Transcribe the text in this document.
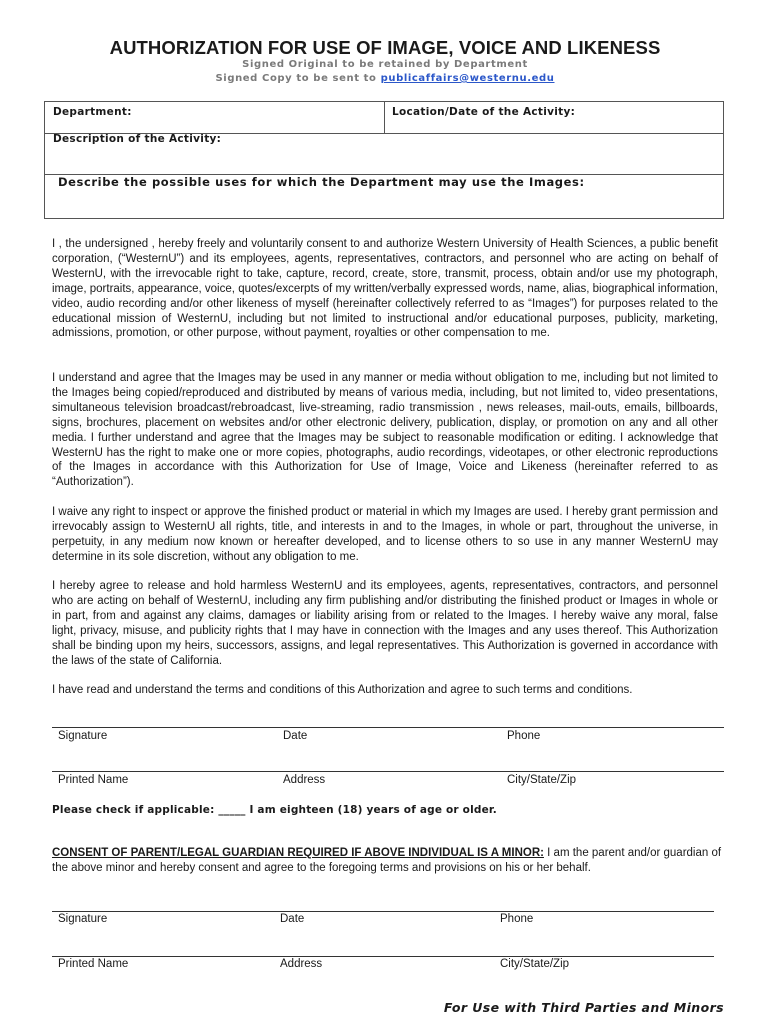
AUTHORIZATION FOR USE OF IMAGE, VOICE AND LIKENESS
Signed Original to be retained by Department
Signed Copy to be sent to publicaffairs@westernu.edu
Department:	Location/Date of the Activity:
Description of the Activity:
Describe the possible uses for which the Department may use the Images:

I , the undersigned , hereby freely and voluntarily consent to and authorize Western University of Health Sciences, a public benefit corporation, (“WesternU”) and its employees, agents, representatives, contractors, and personnel who are acting on behalf of WesternU, with the irrevocable right to take, capture, record, create, store, transmit, process, obtain and/or use my photograph, image, portraits, appearance, voice, quotes/excerpts of my written/verbally expressed words, name, alias, biographical information, video, audio recording and/or other likeness of myself (hereinafter collectively referred to as “Images”) for purposes related to the educational mission of WesternU, including but not limited to instructional and/or educational purposes, publicity, marketing, admissions, promotion, or other purpose, without payment, royalties or other compensation to me.

I understand and agree that the Images may be used in any manner or media without obligation to me, including but not limited to the Images being copied/reproduced and distributed by means of various media, including, but not limited to, video presentations, simultaneous television broadcast/rebroadcast, live-streaming, radio transmission , news releases, mail-outs, emails, billboards, signs, brochures, placement on websites and/or other electronic delivery, publication, display, or promotion on any and all other media. I further understand and agree that the Images may be subject to reasonable modification or editing. I acknowledge that WesternU has the right to make one or more copies, photographs, audio recordings, videotapes, or other electronic reproductions of the Images in accordance with this Authorization for Use of Image, Voice and Likeness (hereinafter referred to as “Authorization”).

I waive any right to inspect or approve the finished product or material in which my Images are used. I hereby grant permission and irrevocably assign to WesternU all rights, title, and interests in and to the Images, in whole or part, throughout the universe, in perpetuity, in any medium now known or hereafter developed, and to license others to so use in any manner WesternU may determine in its sole discretion, without any obligation to me.

I hereby agree to release and hold harmless WesternU and its employees, agents, representatives, contractors, and personnel who are acting on behalf of WesternU, including any firm publishing and/or distributing the finished product or Images in whole or in part, from and against any claims, damages or liability arising from or related to the Images. I hereby waive any moral, false light, privacy, misuse, and publicity rights that I may have in connection with the Images and any uses thereof. This Authorization shall be binding upon my heirs, successors, assigns, and legal representatives. This Authorization is governed in accordance with the laws of the state of California.

I have read and understand the terms and conditions of this Authorization and agree to such terms and conditions.

Signature	Date	Phone
Printed Name	Address	City/State/Zip
Please check if applicable: _____ I am eighteen (18) years of age or older.

CONSENT OF PARENT/LEGAL GUARDIAN REQUIRED IF ABOVE INDIVIDUAL IS A MINOR: I am the parent and/or guardian of the above minor and hereby consent and agree to the foregoing terms and provisions on his or her behalf.

Signature	Date	Phone
Printed Name	Address	City/State/Zip
For Use with Third Parties and Minors
